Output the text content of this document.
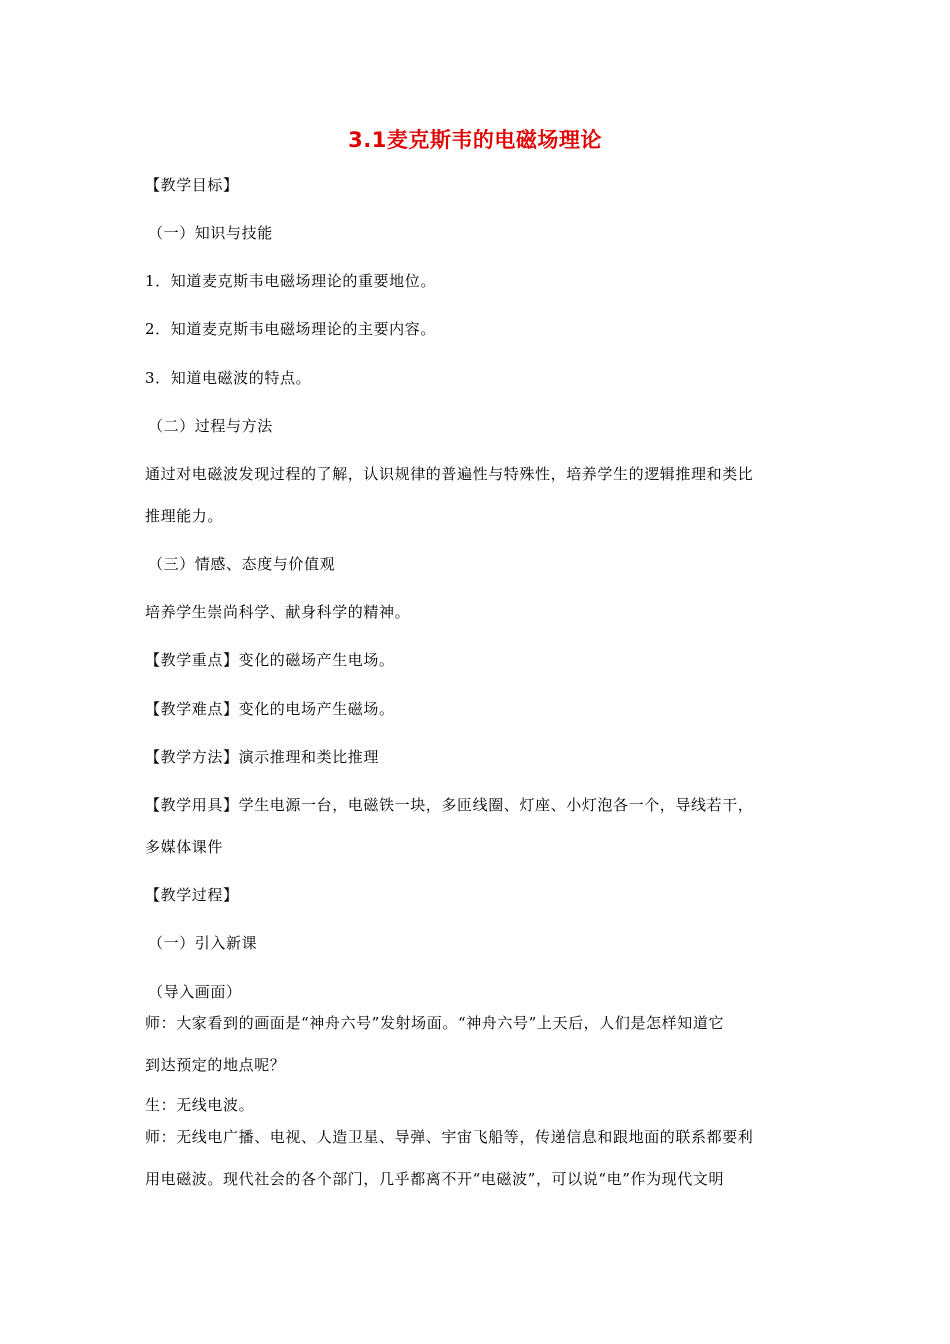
3.1麦克斯韦的电磁场理论
【教学目标】
（一）知识与技能
1．知道麦克斯韦电磁场理论的重要地位。
2．知道麦克斯韦电磁场理论的主要内容。
3．知道电磁波的特点。
（二）过程与方法
通过对电磁波发现过程的了解，认识规律的普遍性与特殊性，培养学生的逻辑推理和类比
推理能力。
（三）情感、态度与价值观
培养学生崇尚科学、献身科学的精神。
【教学重点】变化的磁场产生电场。
【教学难点】变化的电场产生磁场。
【教学方法】演示推理和类比推理
【教学用具】学生电源一台，电磁铁一块，多匝线圈、灯座、小灯泡各一个，导线若干，
多媒体课件
【教学过程】
（一）引入新课
（导入画面）
师：大家看到的画面是“神舟六号”发射场面。“神舟六号”上天后，人们是怎样知道它
到达预定的地点呢？
生：无线电波。
师：无线电广播、电视、人造卫星、导弹、宇宙飞船等，传递信息和跟地面的联系都要利
用电磁波。现代社会的各个部门，几乎都离不开“电磁波”，可以说“电”作为现代文明
